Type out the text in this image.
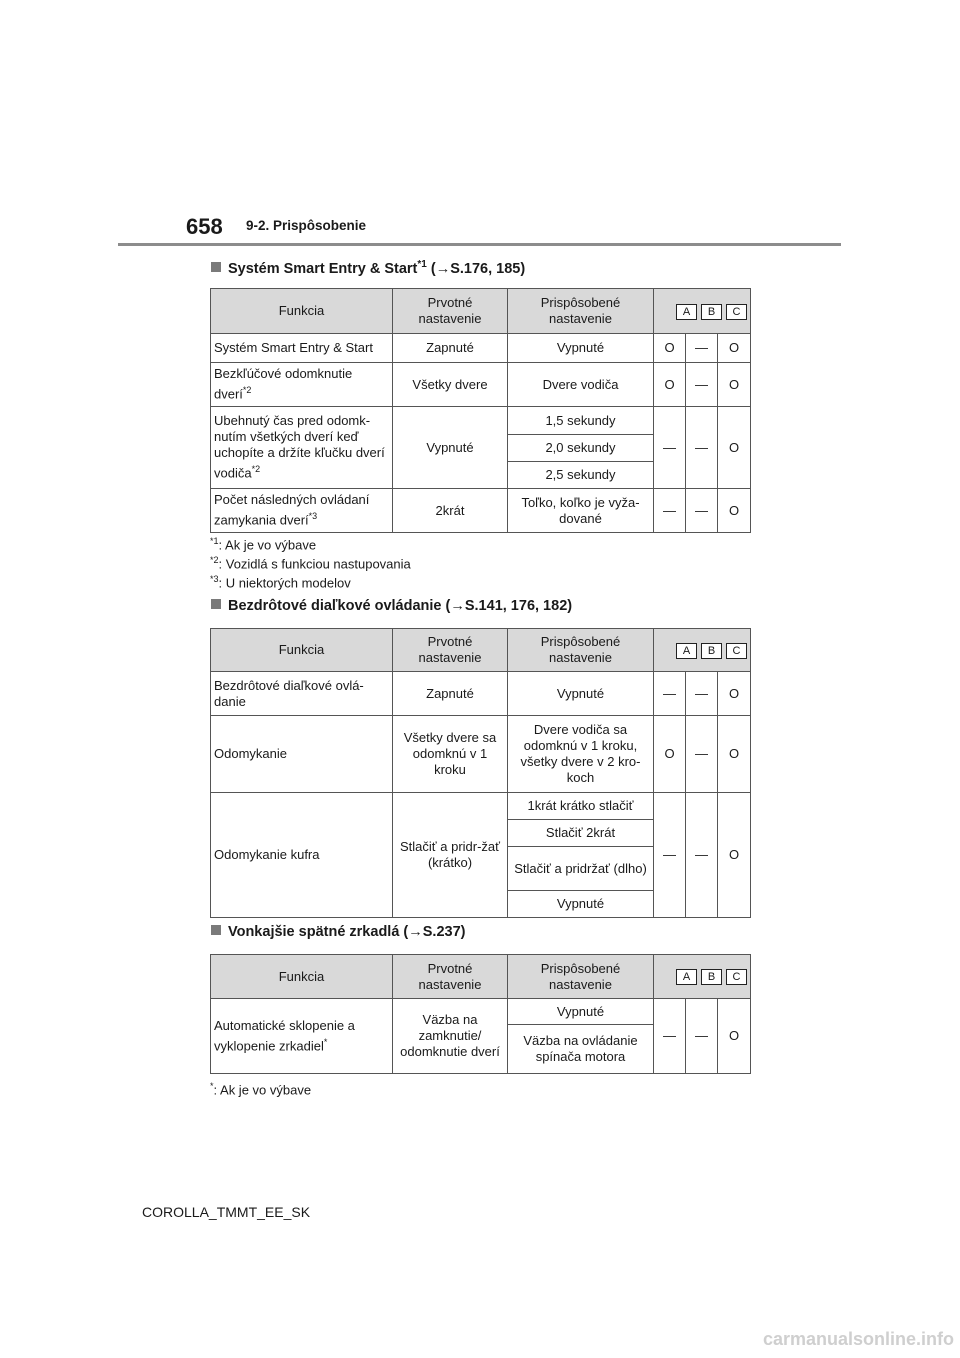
658 9-2. Prispôsobenie
Systém Smart Entry & Start$^{*1}$ (→S.176, 185)
Funkcia	Prvotné nastavenie	Prispôsobené nastavenie	A B C		
Systém Smart Entry & Start	Zapnuté	Vypnuté	O	—	O
Bezkľúčové odomknutie dverí$^{*2}$	Všetky dvere	Dvere vodiča	O	—	O
Ubehnutý čas pred odomk-nutím všetkých dverí keď uchopíte a držíte kľučku dverí vodiča$^{*2}$	Vypnuté	1,5 sekundy	—	—	O
		2,0 sekundy			
		2,5 sekundy			
Počet následných ovládaní zamykania dverí$^{*3}$	2krát	Toľko, koľko je vyža-dované	—	—	O
$^{*1}$: Ak je vo výbave
$^{*2}$: Vozidlá s funkciou nastupovania
$^{*3}$: U niektorých modelov
Bezdrôtové diaľkové ovládanie (→S.141, 176, 182)
Funkcia	Prvotné nastavenie	Prispôsobené nastavenie	A B C		
Bezdrôtové diaľkové ovlá-danie	Zapnuté	Vypnuté	—	—	O
Odomykanie	Všetky dvere sa odomknú v 1 kroku	Dvere vodiča sa odomknú v 1 kroku, všetky dvere v 2 kro-koch	O	—	O
Odomykanie kufra	Stlačiť a pridr-žať (krátko)	1krát krátko stlačiť	—	—	O
		Stlačiť 2krát			
		Stlačiť a pridržať (dlho)			
		Vypnuté			
Vonkajšie spätné zrkadlá (→S.237)
Funkcia	Prvotné nastavenie	Prispôsobené nastavenie	A B C		
Automatické sklopenie a vyklopenie zrkadiel*	Väzba na zamknutie/ odomknutie dverí	Vypnuté	—	—	O
		Väzba na ovládanie spínača motora			
*: Ak je vo výbave
COROLLA_TMMT_EE_SK
carmanualsonline.info
